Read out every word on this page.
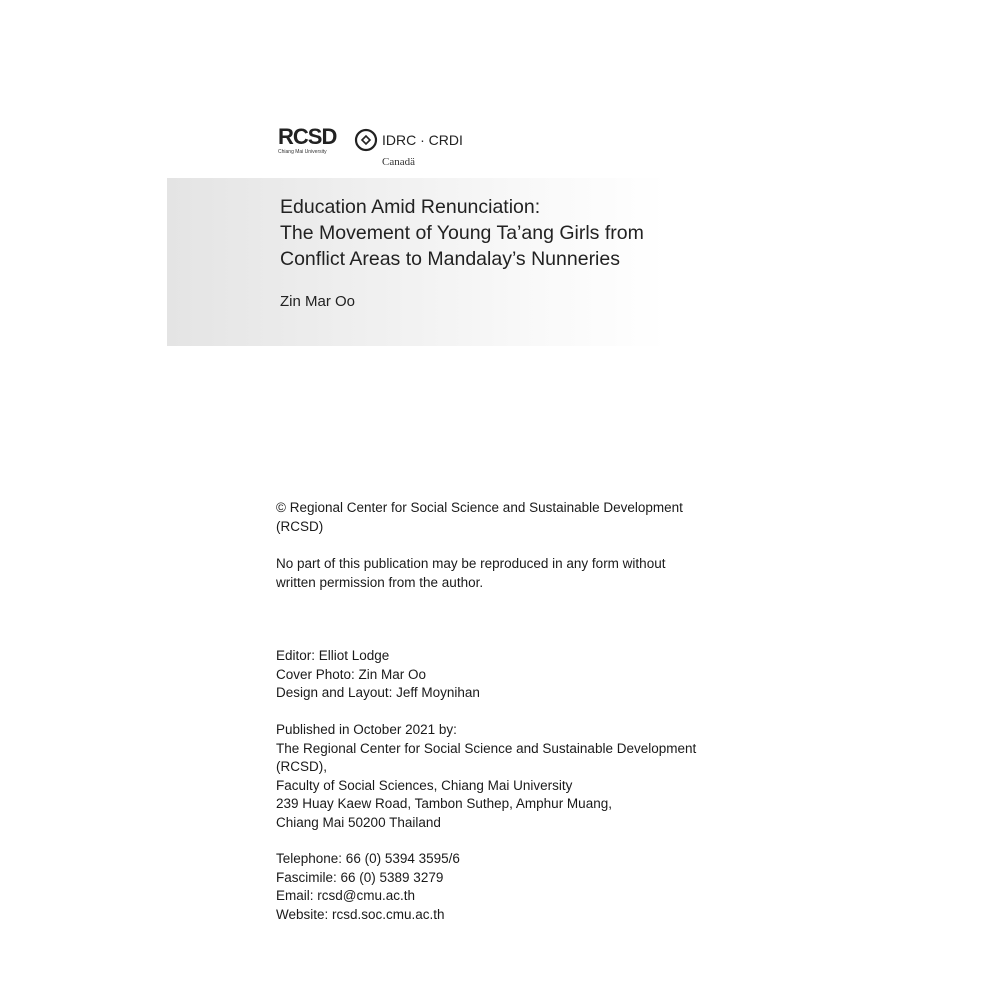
RCSD
Chiang Mai University
IDRC · CRDI
Canadä
Education Amid Renunciation:
The Movement of Young Ta’ang Girls from
Conflict Areas to Mandalay’s Nunneries
Zin Mar Oo
© Regional Center for Social Science and Sustainable Development
(RCSD)
No part of this publication may be reproduced in any form without
written permission from the author.
Editor: Elliot Lodge
Cover Photo: Zin Mar Oo
Design and Layout: Jeff Moynihan
Published in October 2021 by:
The Regional Center for Social Science and Sustainable Development
(RCSD),
Faculty of Social Sciences, Chiang Mai University
239 Huay Kaew Road, Tambon Suthep, Amphur Muang,
Chiang Mai 50200 Thailand
Telephone: 66 (0) 5394 3595/6
Fascimile: 66 (0) 5389 3279
Email: rcsd@cmu.ac.th
Website: rcsd.soc.cmu.ac.th
